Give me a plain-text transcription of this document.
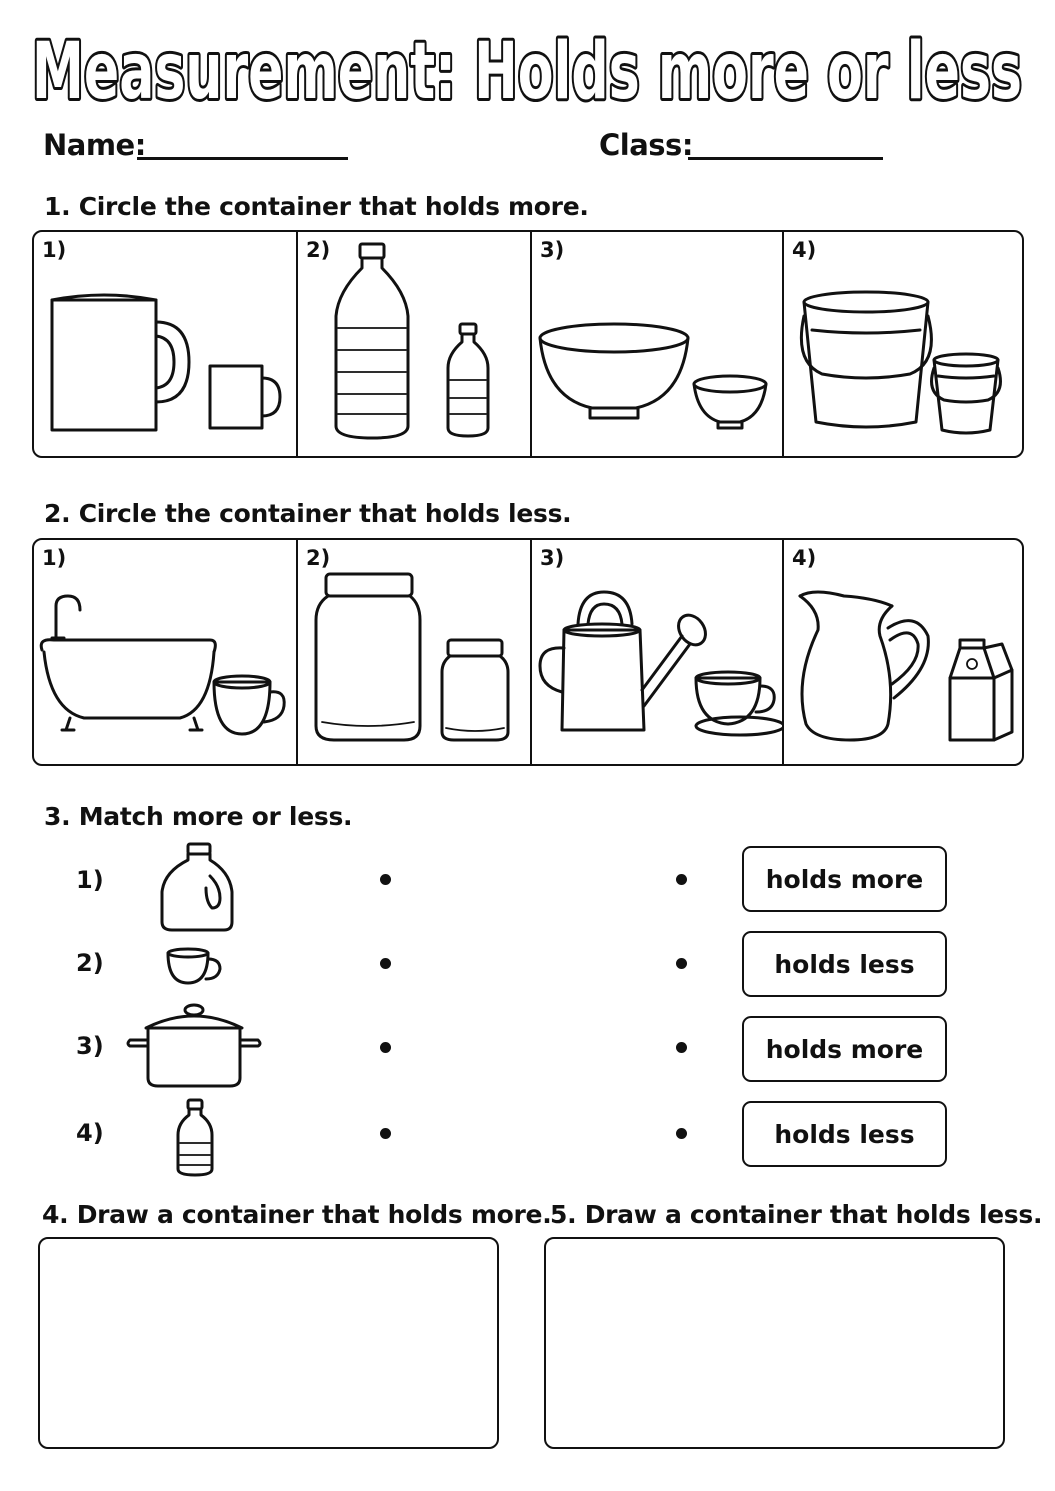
Measurement: Holds more or less
Name:	Class:
1. Circle the container that holds more.
1)	2)	3)	4)
2. Circle the container that holds less.
1)	2)	3)	4)
3. Match more or less.
1)	holds more
2)	holds less
3)	holds more
4)	holds less
4. Draw a container that holds more.
5. Draw a container that holds less.
